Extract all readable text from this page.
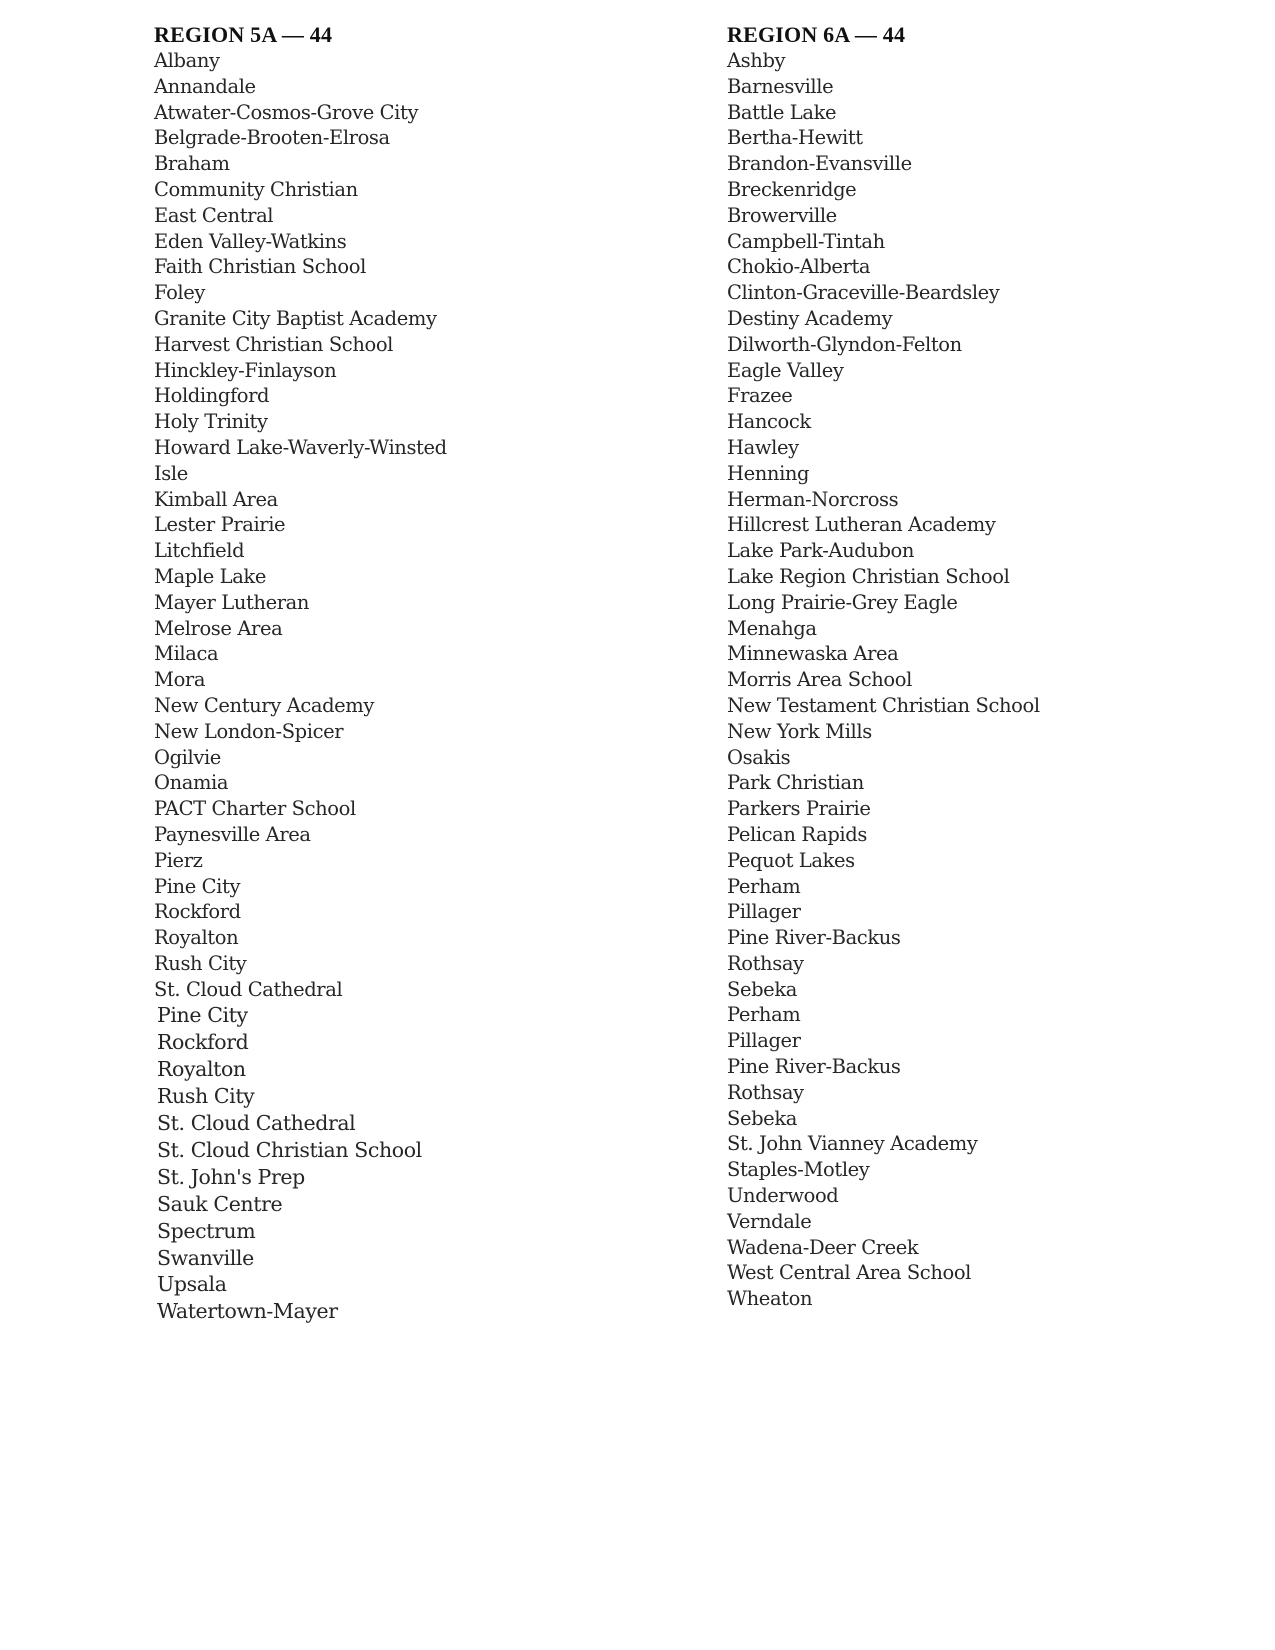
REGION 5A — 44
Albany
Annandale
Atwater-Cosmos-Grove City
Belgrade-Brooten-Elrosa
Braham
Community Christian
East Central
Eden Valley-Watkins
Faith Christian School
Foley
Granite City Baptist Academy
Harvest Christian School
Hinckley-Finlayson
Holdingford
Holy Trinity
Howard Lake-Waverly-Winsted
Isle
Kimball Area
Lester Prairie
Litchfield
Maple Lake
Mayer Lutheran
Melrose Area
Milaca
Mora
New Century Academy
New London-Spicer
Ogilvie
Onamia
PACT Charter School
Paynesville Area
Pierz
Pine City
Rockford
Royalton
Rush City
St. Cloud Cathedral
Pine City
Rockford
Royalton
Rush City
St. Cloud Cathedral
St. Cloud Christian School
St. John's Prep
Sauk Centre
Spectrum
Swanville
Upsala
Watertown-Mayer
REGION 6A — 44
Ashby
Barnesville
Battle Lake
Bertha-Hewitt
Brandon-Evansville
Breckenridge
Browerville
Campbell-Tintah
Chokio-Alberta
Clinton-Graceville-Beardsley
Destiny Academy
Dilworth-Glyndon-Felton
Eagle Valley
Frazee
Hancock
Hawley
Henning
Herman-Norcross
Hillcrest Lutheran Academy
Lake Park-Audubon
Lake Region Christian School
Long Prairie-Grey Eagle
Menahga
Minnewaska Area
Morris Area School
New Testament Christian School
New York Mills
Osakis
Park Christian
Parkers Prairie
Pelican Rapids
Pequot Lakes
Perham
Pillager
Pine River-Backus
Rothsay
Sebeka
Perham
Pillager
Pine River-Backus
Rothsay
Sebeka
St. John Vianney Academy
Staples-Motley
Underwood
Verndale
Wadena-Deer Creek
West Central Area School
Wheaton
